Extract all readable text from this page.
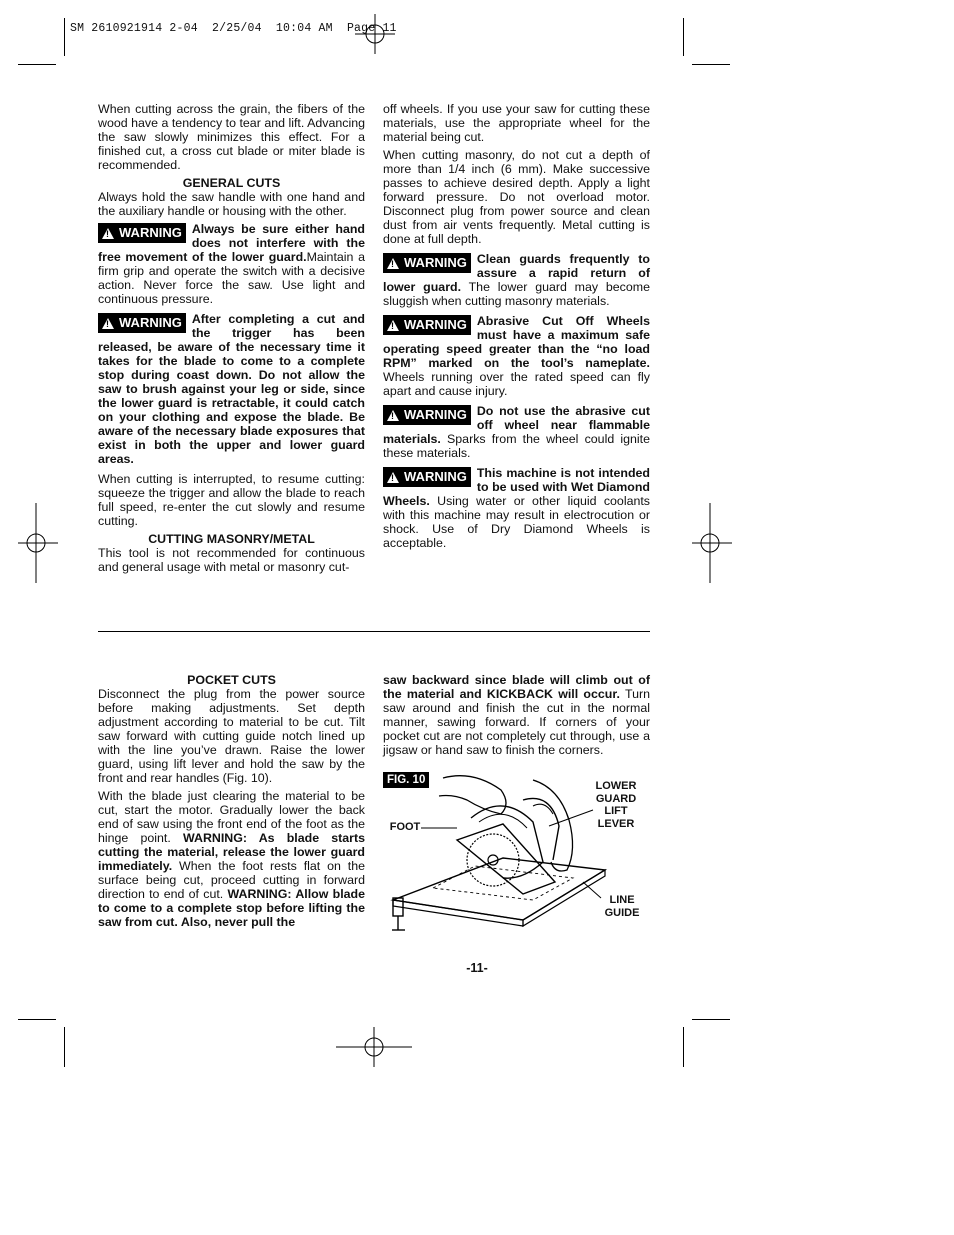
SM 2610921914 2-04  2/25/04  10:04 AM  Page 11

When cutting across the grain, the fibers of the wood have a tendency to tear and lift. Advancing the saw slowly minimizes this effect. For a finished cut, a cross cut blade or miter blade is recommended.

GENERAL CUTS

Always hold the saw handle with one hand and the auxiliary handle or housing with the other.

! WARNING Always be sure either hand does not interfere with the free movement of the lower guard.Maintain a firm grip and operate the switch with a decisive action. Never force the saw. Use light and continuous pressure.
! WARNING After completing a cut and the trigger has been released, be aware of the necessary time it takes for the blade to come to a complete stop during coast down. Do not allow the saw to brush against your leg or side, since the lower guard is retractable, it could catch on your clothing and expose the blade. Be aware of the necessary blade exposures that exist in both the upper and lower guard areas.

When cutting is interrupted, to resume cutting: squeeze the trigger and allow the blade to reach full speed, re-enter the cut slowly and resume cutting.

CUTTING MASONRY/METAL

This tool is not recommended for continuous and general usage with metal or masonry cut-

off wheels. If you use your saw for cutting these materials, use the appropriate wheel for the material being cut.

When cutting masonry, do not cut a depth of more than 1/4 inch (6 mm). Make successive passes to achieve desired depth. Apply a light forward pressure. Do not overload motor. Disconnect plug from power source and clean dust from air vents frequently. Metal cutting is done at full depth.

! WARNING Clean guards frequently to assure a rapid return of lower guard. The lower guard may become sluggish when cutting masonry materials.
! WARNING Abrasive Cut Off Wheels must have a maximum safe operating speed greater than the “no load RPM” marked on the tool’s nameplate. Wheels running over the rated speed can fly apart and cause injury.
! WARNING Do not use the abrasive cut off wheel near flammable materials. Sparks from the wheel could ignite these materials.
! WARNING This machine is not intended to be used with Wet Diamond Wheels. Using water or other liquid coolants with this machine may result in electrocution or shock. Use of Dry Diamond Wheels is acceptable.

POCKET CUTS

Disconnect the plug from the power source before making adjustments. Set depth adjustment according to material to be cut. Tilt saw forward with cutting guide notch lined up with the line you’ve drawn. Raise the lower guard, using lift lever and hold the saw by the front and rear handles (Fig. 10).

With the blade just clearing the material to be cut, start the motor. Gradually lower the back end of saw using the front end of the foot as the hinge point. WARNING: As blade starts cutting the material, release the lower guard immediately. When the foot rests flat on the surface being cut, proceed cutting in forward direction to end of cut. WARNING: Allow blade to come to a complete stop before lifting the saw from cut. Also, never pull the

saw backward since blade will climb out of the material and KICKBACK will occur. Turn saw around and finish the cut in the normal manner, sawing forward. If corners of your pocket cut are not completely cut through, use a jigsaw or hand saw to finish the corners.

FIG. 10	LOWER GUARD LIFT LEVER
FOOT
LINE GUIDE
-11-
